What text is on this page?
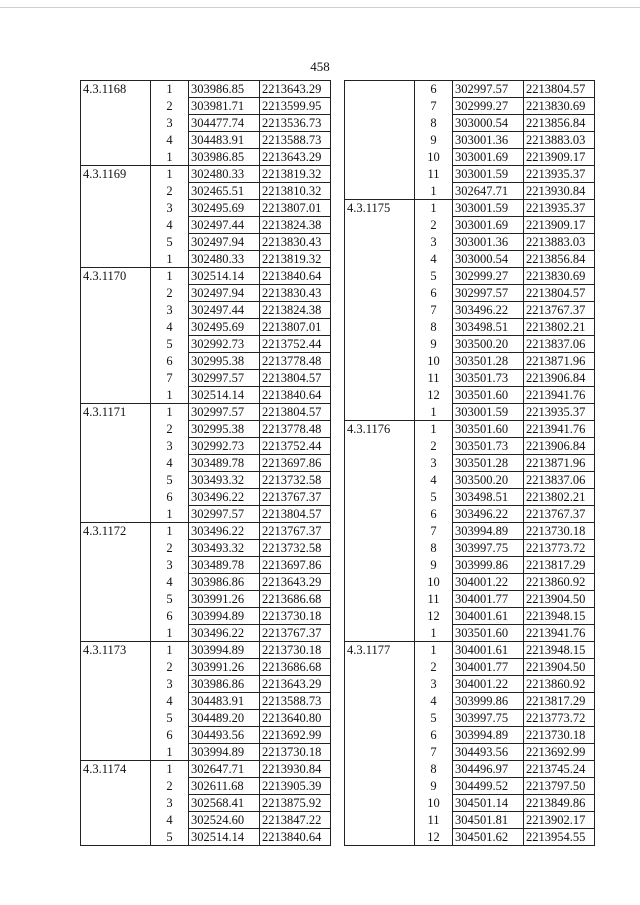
458
4.3.1168	1	303986.85	2213643.29
	2	303981.71	2213599.95
	3	304477.74	2213536.73
	4	304483.91	2213588.73
	1	303986.85	2213643.29
4.3.1169	1	302480.33	2213819.32
	2	302465.51	2213810.32
	3	302495.69	2213807.01
	4	302497.44	2213824.38
	5	302497.94	2213830.43
	1	302480.33	2213819.32
4.3.1170	1	302514.14	2213840.64
	2	302497.94	2213830.43
	3	302497.44	2213824.38
	4	302495.69	2213807.01
	5	302992.73	2213752.44
	6	302995.38	2213778.48
	7	302997.57	2213804.57
	1	302514.14	2213840.64
4.3.1171	1	302997.57	2213804.57
	2	302995.38	2213778.48
	3	302992.73	2213752.44
	4	303489.78	2213697.86
	5	303493.32	2213732.58
	6	303496.22	2213767.37
	1	302997.57	2213804.57
4.3.1172	1	303496.22	2213767.37
	2	303493.32	2213732.58
	3	303489.78	2213697.86
	4	303986.86	2213643.29
	5	303991.26	2213686.68
	6	303994.89	2213730.18
	1	303496.22	2213767.37
4.3.1173	1	303994.89	2213730.18
	2	303991.26	2213686.68
	3	303986.86	2213643.29
	4	304483.91	2213588.73
	5	304489.20	2213640.80
	6	304493.56	2213692.99
	1	303994.89	2213730.18
4.3.1174	1	302647.71	2213930.84
	2	302611.68	2213905.39
	3	302568.41	2213875.92
	4	302524.60	2213847.22
	5	302514.14	2213840.64
	6	302997.57	2213804.57
	7	302999.27	2213830.69
	8	303000.54	2213856.84
	9	303001.36	2213883.03
	10	303001.69	2213909.17
	11	303001.59	2213935.37
	1	302647.71	2213930.84
4.3.1175	1	303001.59	2213935.37
	2	303001.69	2213909.17
	3	303001.36	2213883.03
	4	303000.54	2213856.84
	5	302999.27	2213830.69
	6	302997.57	2213804.57
	7	303496.22	2213767.37
	8	303498.51	2213802.21
	9	303500.20	2213837.06
	10	303501.28	2213871.96
	11	303501.73	2213906.84
	12	303501.60	2213941.76
	1	303001.59	2213935.37
4.3.1176	1	303501.60	2213941.76
	2	303501.73	2213906.84
	3	303501.28	2213871.96
	4	303500.20	2213837.06
	5	303498.51	2213802.21
	6	303496.22	2213767.37
	7	303994.89	2213730.18
	8	303997.75	2213773.72
	9	303999.86	2213817.29
	10	304001.22	2213860.92
	11	304001.77	2213904.50
	12	304001.61	2213948.15
	1	303501.60	2213941.76
4.3.1177	1	304001.61	2213948.15
	2	304001.77	2213904.50
	3	304001.22	2213860.92
	4	303999.86	2213817.29
	5	303997.75	2213773.72
	6	303994.89	2213730.18
	7	304493.56	2213692.99
	8	304496.97	2213745.24
	9	304499.52	2213797.50
	10	304501.14	2213849.86
	11	304501.81	2213902.17
	12	304501.62	2213954.55
